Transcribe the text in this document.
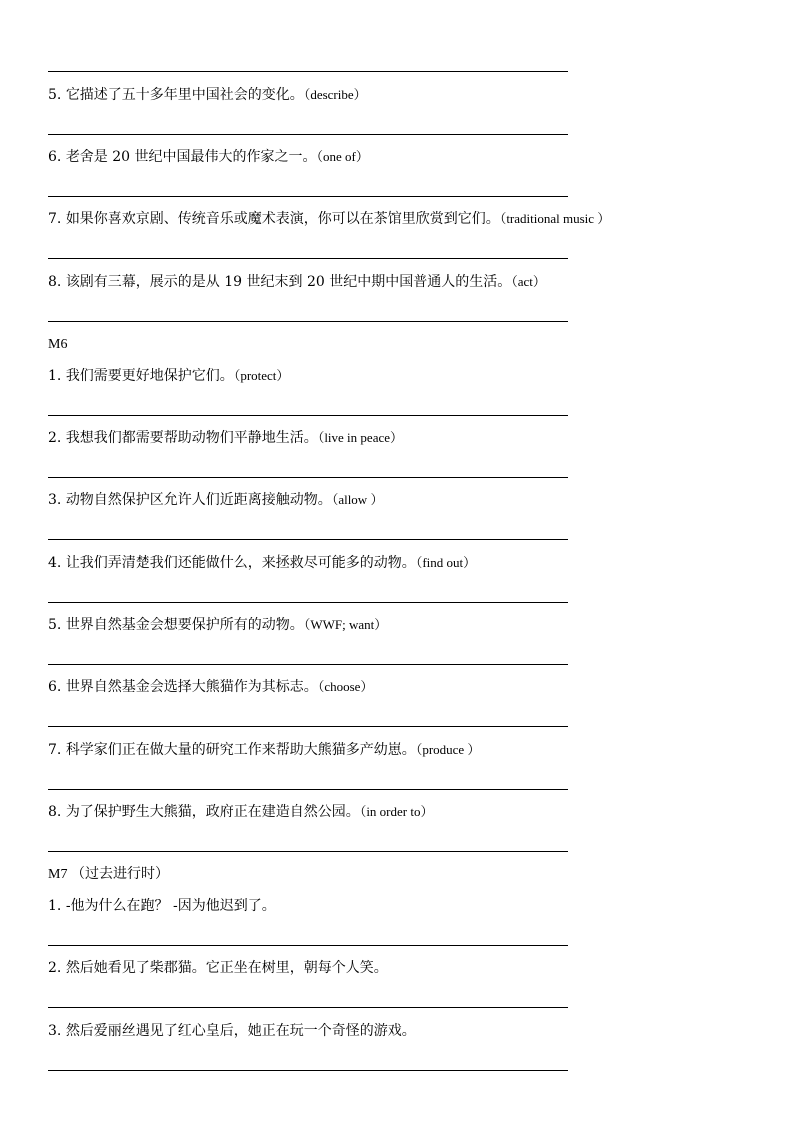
5. 它描述了五十多年里中国社会的变化。（describe）
6. 老舍是 20 世纪中国最伟大的作家之一。（one of）
7. 如果你喜欢京剧、传统音乐或魔术表演，你可以在茶馆里欣赏到它们。（traditional music ）
8. 该剧有三幕，展示的是从 19 世纪末到 20 世纪中期中国普通人的生活。（act）
M6
1. 我们需要更好地保护它们。（protect）
2. 我想我们都需要帮助动物们平静地生活。（live in peace）
3. 动物自然保护区允许人们近距离接触动物。（allow ）
4. 让我们弄清楚我们还能做什么，来拯救尽可能多的动物。（find out）
5. 世界自然基金会想要保护所有的动物。（WWF; want）
6. 世界自然基金会选择大熊猫作为其标志。（choose）
7. 科学家们正在做大量的研究工作来帮助大熊猫多产幼崽。（produce ）
8. 为了保护野生大熊猫，政府正在建造自然公园。（in order to）
M7 （过去进行时）
1. -他为什么在跑？ -因为他迟到了。
2. 然后她看见了柴郡猫。它正坐在树里，朝每个人笑。
3. 然后爱丽丝遇见了红心皇后，她正在玩一个奇怪的游戏。
